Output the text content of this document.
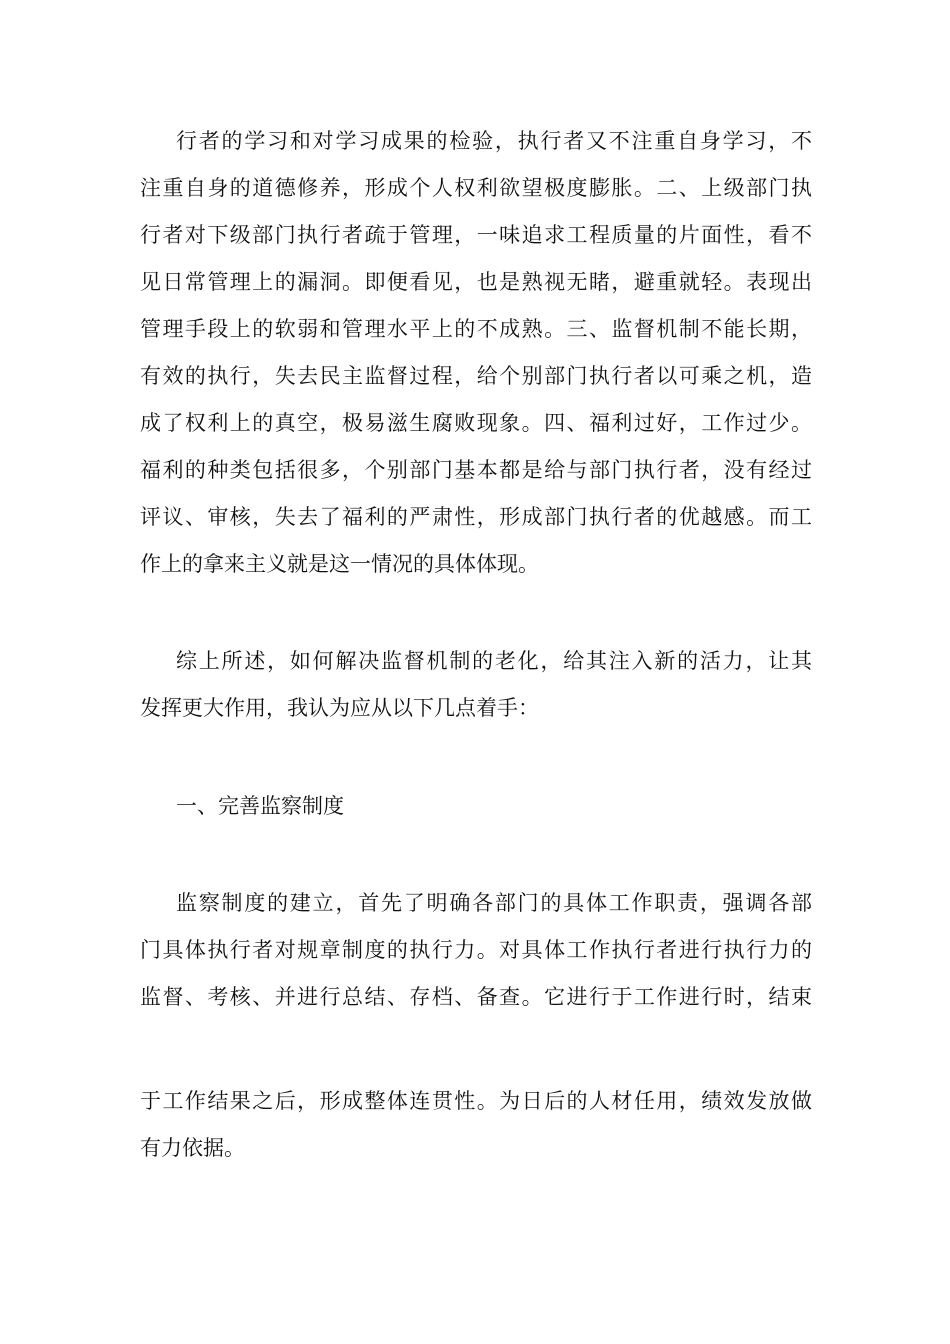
行者的学习和对学习成果的检验，执行者又不注重自身学习，不
注重自身的道德修养，形成个人权利欲望极度膨胀。二、上级部门执
行者对下级部门执行者疏于管理，一味追求工程质量的片面性，看不
见日常管理上的漏洞。即便看见，也是熟视无睹，避重就轻。表现出
管理手段上的软弱和管理水平上的不成熟。三、监督机制不能长期，
有效的执行，失去民主监督过程，给个别部门执行者以可乘之机，造
成了权利上的真空，极易滋生腐败现象。四、福利过好，工作过少。
福利的种类包括很多，个别部门基本都是给与部门执行者，没有经过
评议、审核，失去了福利的严肃性，形成部门执行者的优越感。而工
作上的拿来主义就是这一情况的具体体现。
综上所述，如何解决监督机制的老化，给其注入新的活力，让其
发挥更大作用，我认为应从以下几点着手：
一、完善监察制度
监察制度的建立，首先了明确各部门的具体工作职责，强调各部
门具体执行者对规章制度的执行力。对具体工作执行者进行执行力的
监督、考核、并进行总结、存档、备查。它进行于工作进行时，结束
于工作结果之后，形成整体连贯性。为日后的人材任用，绩效发放做
有力依据。
